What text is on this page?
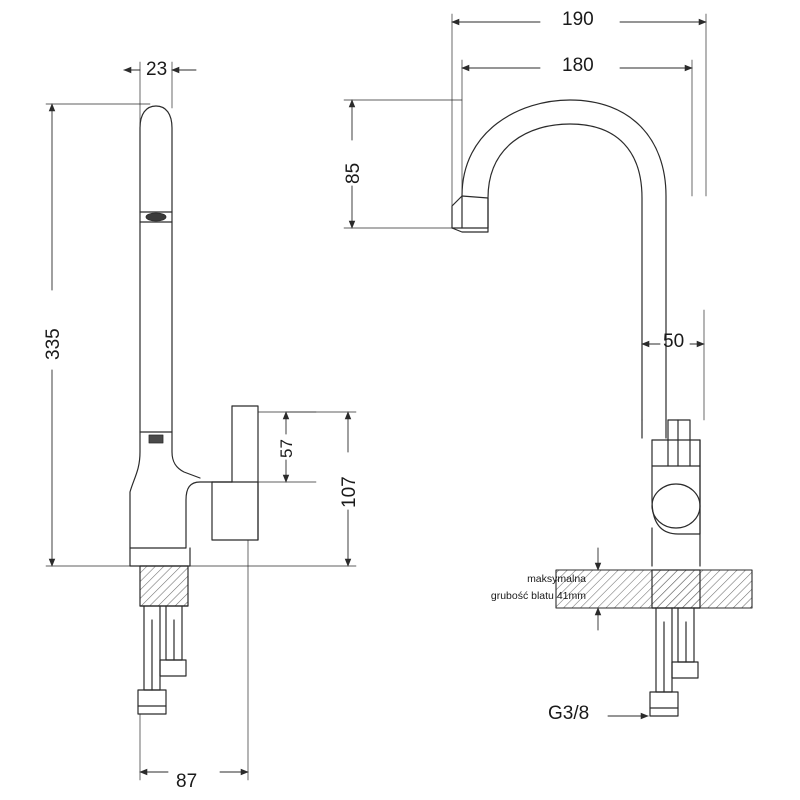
23
335
87
57
107
190
180
85
50
G3/8
maksymalna
grubość blatu 41mm
